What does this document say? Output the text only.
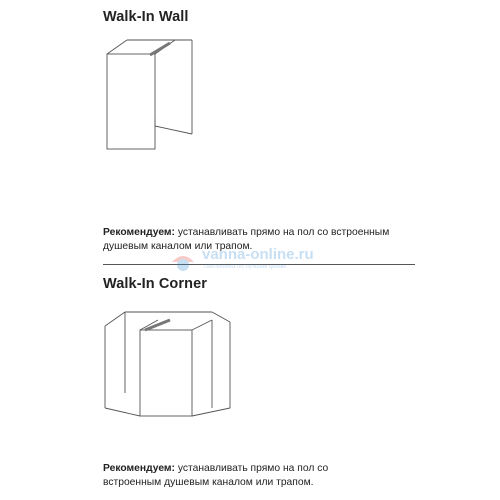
Walk-In Wall
Рекомендуем: устанавливать прямо на пол со встроенным душевым каналом или трапом.
vanna-online.ru
сантехника по лучшим ценам
Walk-In Corner
Рекомендуем: устанавливать прямо на пол со встроенным душевым каналом или трапом.
